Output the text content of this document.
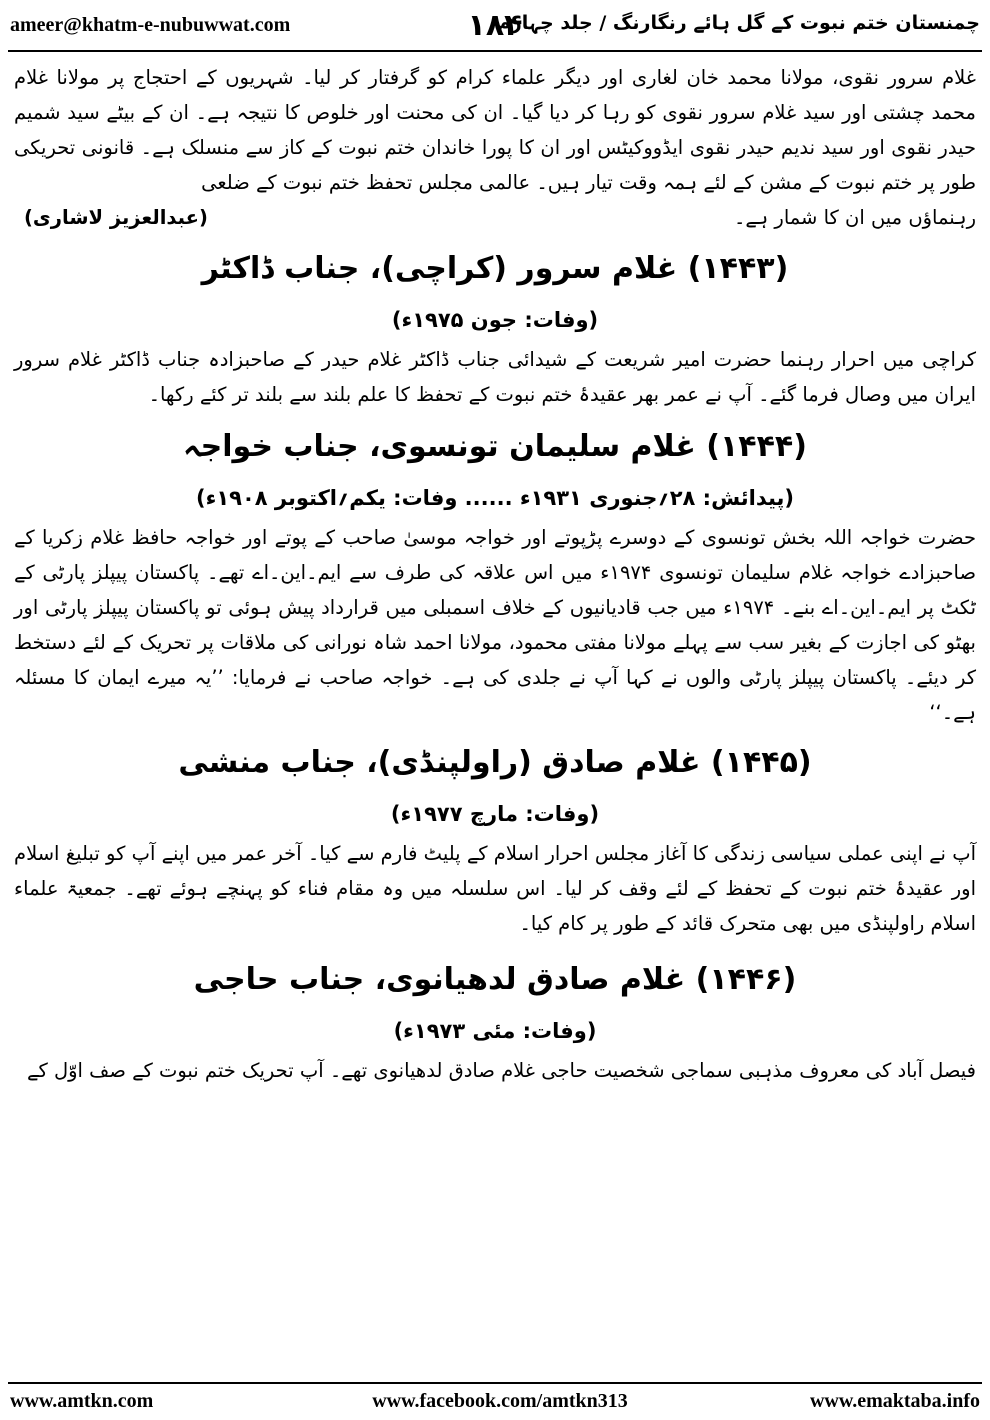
ameer@khatm-e-nubuwwat.com	۱۸۴
چمنستان ختم نبوت کے گل ہائے رنگارنگ / جلد چہارم

غلام سرور نقوی، مولانا محمد خان لغاری اور دیگر علماء کرام کو گرفتار کر لیا۔ شہریوں کے احتجاج پر مولانا غلام محمد چشتی اور سید غلام سرور نقوی کو رہا کر دیا گیا۔ ان کی محنت اور خلوص کا نتیجہ ہے۔ ان کے بیٹے سید شمیم حیدر نقوی اور سید ندیم حیدر نقوی ایڈووکیٹس اور ان کا پورا خاندان ختم نبوت کے کاز سے منسلک ہے۔ قانونی تحریکی طور پر ختم نبوت کے مشن کے لئے ہمہ وقت تیار ہیں۔ عالمی مجلس تحفظ ختم نبوت کے ضلعی

رہنماؤں میں ان کا شمار ہے۔
(عبدالعزیز لاشاری)
(۱۴۴۳) غلام سرور (کراچی)، جناب ڈاکٹر
(وفات: جون ۱۹۷۵ء)

کراچی میں احرار رہنما حضرت امیر شریعت کے شیدائی جناب ڈاکٹر غلام حیدر کے صاحبزادہ جناب ڈاکٹر غلام سرور ایران میں وصال فرما گئے۔ آپ نے عمر بھر عقیدۂ ختم نبوت کے تحفظ کا علم بلند سے بلند تر کئے رکھا۔

(۱۴۴۴) غلام سلیمان تونسوی، جناب خواجہ
(پیدائش: ۲۸؍جنوری ۱۹۳۱ء ...... وفات: یکم؍اکتوبر ۱۹۰۸ء)

حضرت خواجہ اللہ بخش تونسوی کے دوسرے پڑپوتے اور خواجہ موسیٰ صاحب کے پوتے اور خواجہ حافظ غلام زکریا کے صاحبزادے خواجہ غلام سلیمان تونسوی ۱۹۷۴ء میں اس علاقہ کی طرف سے ایم۔این۔اے تھے۔ پاکستان پیپلز پارٹی کے ٹکٹ پر ایم۔این۔اے بنے۔ ۱۹۷۴ء میں جب قادیانیوں کے خلاف اسمبلی میں قرارداد پیش ہوئی تو پاکستان پیپلز پارٹی اور بھٹو کی اجازت کے بغیر سب سے پہلے مولانا مفتی محمود، مولانا احمد شاہ نورانی کی ملاقات پر تحریک کے لئے دستخط کر دیئے۔ پاکستان پیپلز پارٹی والوں نے کہا آپ نے جلدی کی ہے۔ خواجہ صاحب نے فرمایا: ’’یہ میرے ایمان کا مسئلہ ہے۔‘‘

(۱۴۴۵) غلام صادق (راولپنڈی)، جناب منشی
(وفات: مارچ ۱۹۷۷ء)

آپ نے اپنی عملی سیاسی زندگی کا آغاز مجلس احرار اسلام کے پلیٹ فارم سے کیا۔ آخر عمر میں اپنے آپ کو تبلیغ اسلام اور عقیدۂ ختم نبوت کے تحفظ کے لئے وقف کر لیا۔ اس سلسلہ میں وہ مقام فناء کو پہنچے ہوئے تھے۔ جمعیۃ علماء اسلام راولپنڈی میں بھی متحرک قائد کے طور پر کام کیا۔

(۱۴۴۶) غلام صادق لدھیانوی، جناب حاجی
(وفات: مئی ۱۹۷۳ء)

فیصل آباد کی معروف مذہبی سماجی شخصیت حاجی غلام صادق لدھیانوی تھے۔ آپ تحریک ختم نبوت کے صف اوّل کے

www.amtkn.com	www.facebook.com/amtkn313	www.emaktaba.info
